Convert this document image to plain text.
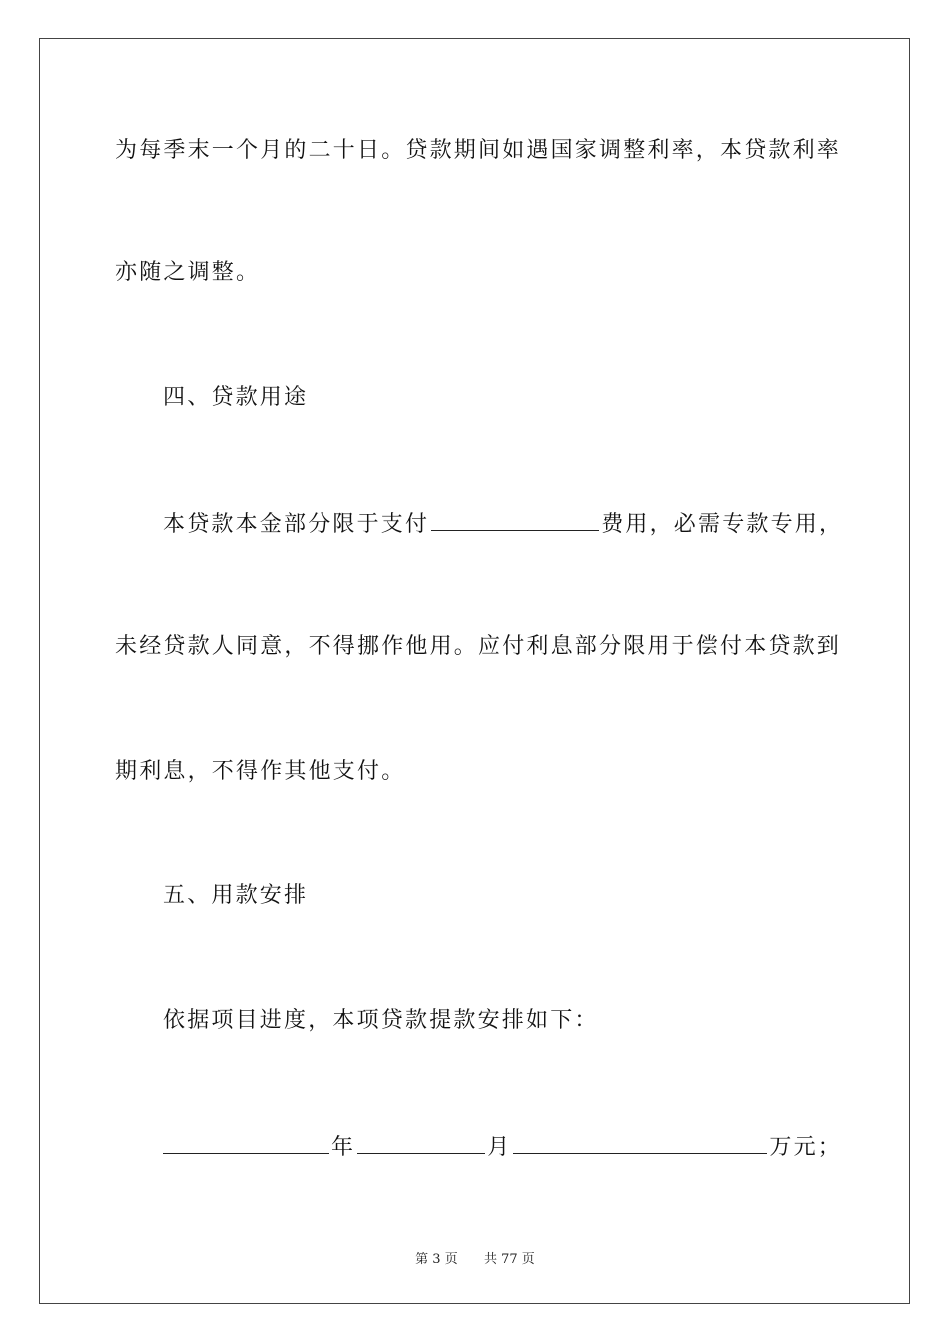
为每季末一个月的二十日。贷款期间如遇国家调整利率，本贷款利率
亦随之调整。
四、贷款用途
本贷款本金部分限于支付	费用，必需专款专用，
未经贷款人同意，不得挪作他用。应付利息部分限用于偿付本贷款到
期利息，不得作其他支付。
五、用款安排
依据项目进度，本项贷款提款安排如下：
年	月	万元；
第 3 页 共 77 页
